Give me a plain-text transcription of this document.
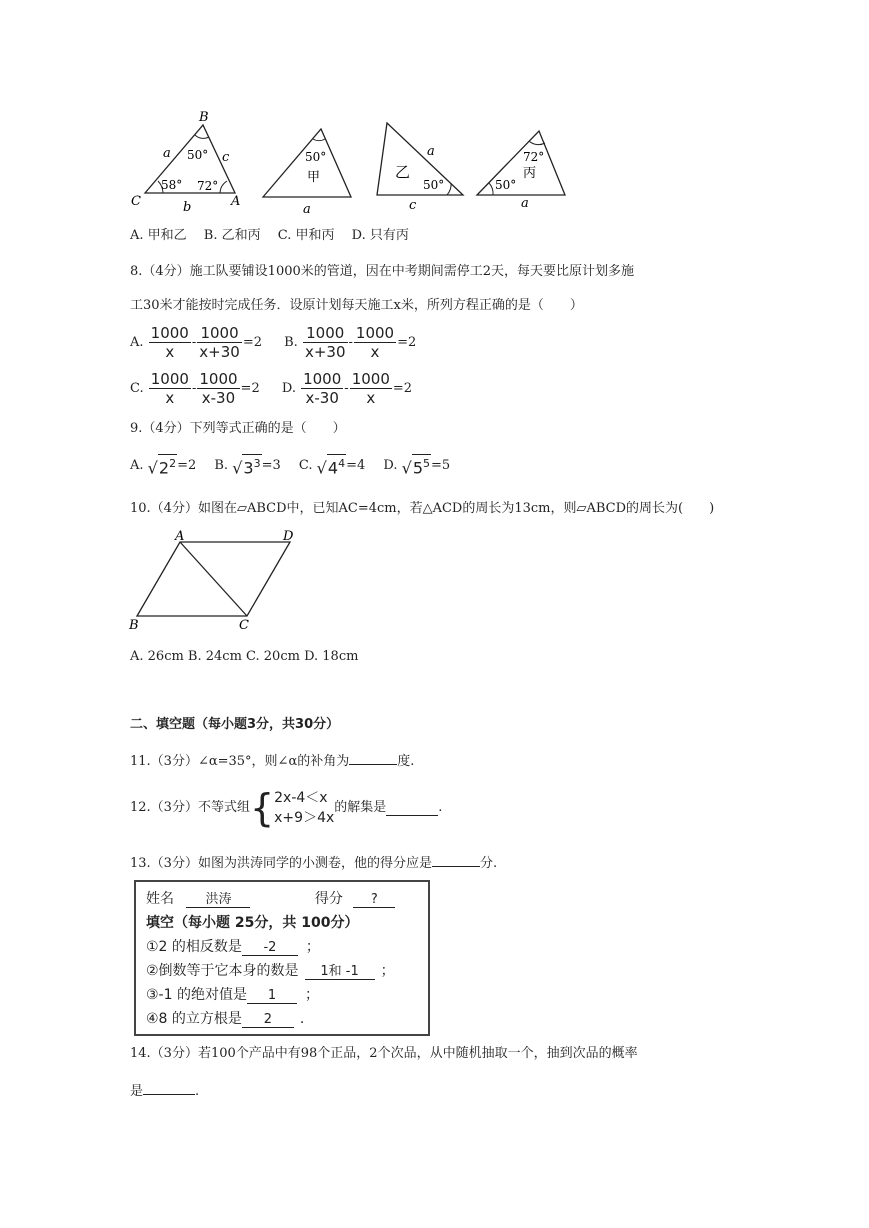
B
C	A
a	c
b
50°
58° 72°
50°
甲
a
乙
a
50°
c
72°
丙
50°
a
A. 甲和乙　 B. 乙和丙　 C. 甲和丙　 D. 只有丙
8.（4分）施工队要铺设1000米的管道，因在中考期间需停工2天，每天要比原计划多施
工30米才能按时完成任务．设原计划每天施工x米，所列方程正确的是（　　）
A. $\frac{1000}{x} - \frac{1000}{x+30} =2$ B. $\frac{1000}{x+30} - \frac{1000}{x} =2$
C. $\frac{1000}{x} - \frac{1000}{x-30} =2$ D. $\frac{1000}{x-30} - \frac{1000}{x} =2$
9.（4分）下列等式正确的是（　　）
A. $√2^2=2$ B. $√3^3=3$ C. $√4^4=4$ D. $√5^5=5$
10.（4分）如图在▱ABCD中，已知AC=4cm，若△ACD的周长为13cm，则▱ABCD的周长为(　　)
A	D
B	C
A. 26cm B. 24cm C. 20cm D. 18cm
二、填空题（每小题3分，共30分）
11.（3分）∠α=35°，则∠α的补角为	度.
12.（3分）不等式组{ 2x-4＜x
x+9＞4x
的解集是	.
13.（3分）如图为洪涛同学的小测卷，他的得分应是	分.
姓名 洪涛	得分 ?
填空（每小题 25分，共 100分）
①2 的相反数是 -2 ；
②倒数等于它本身的数是 1和 -1 ；
③-1 的绝对值是 1 ；
④8 的立方根是 2 .
14.（3分）若100个产品中有98个正品，2个次品，从中随机抽取一个，抽到次品的概率
是	.
